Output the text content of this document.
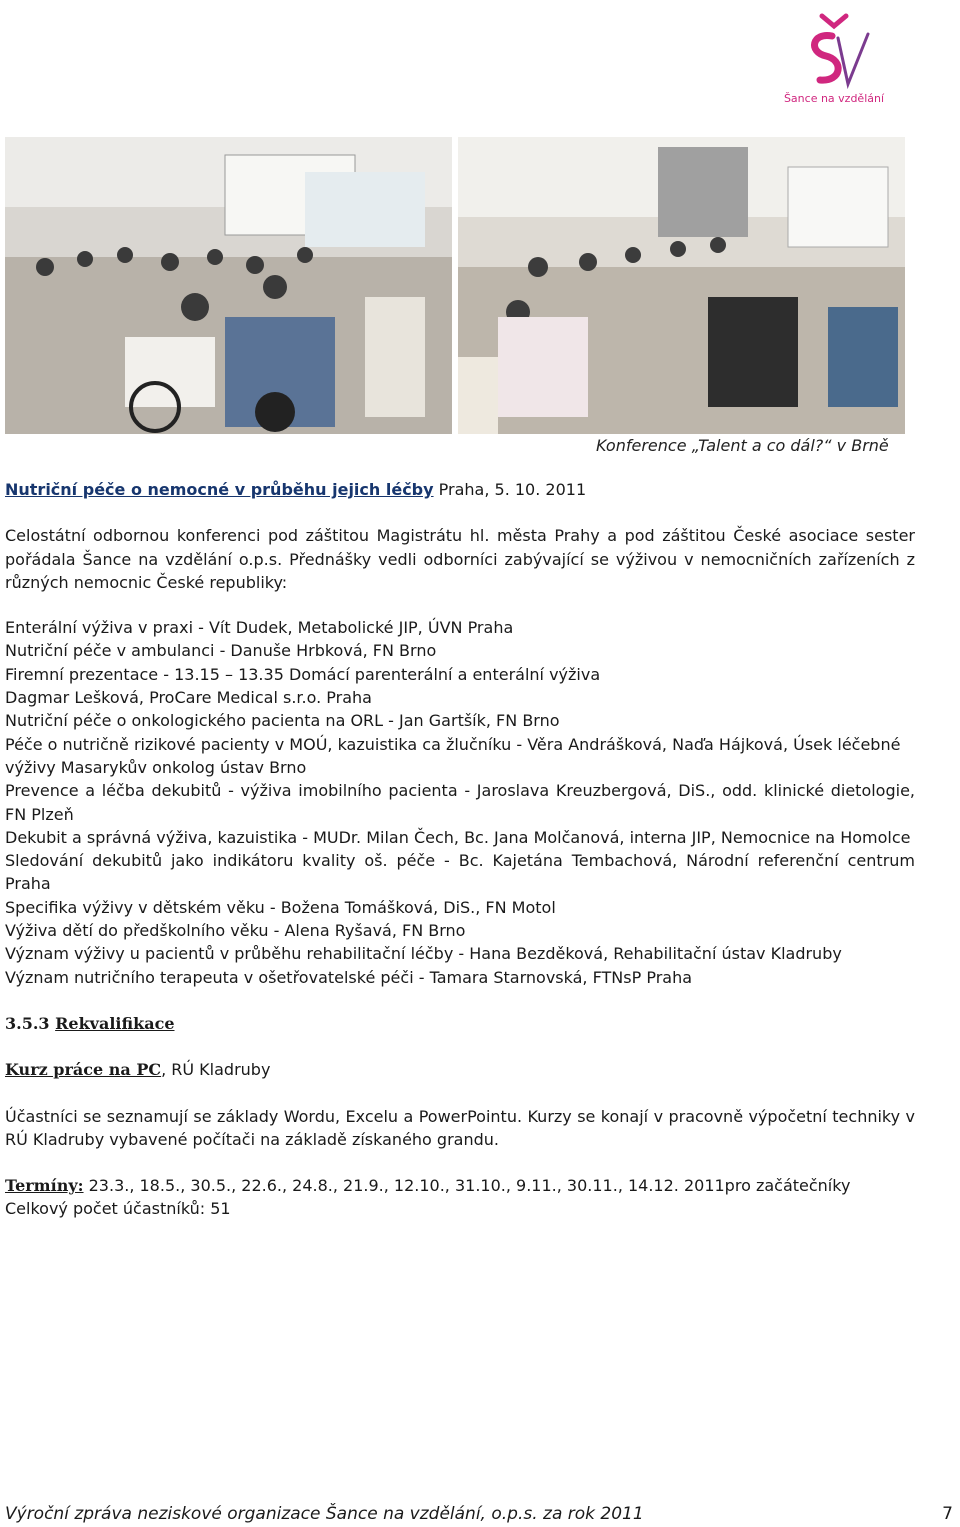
Šance na vzdělání
Konference „Talent a co dál?“ v Brně

Nutriční péče o nemocné v průběhu jejich léčby Praha, 5. 10. 2011

Celostátní odbornou konferenci pod záštitou Magistrátu hl. města Prahy a pod záštitou České asociace sester pořádala Šance na vzdělání o.p.s. Přednášky vedli odborníci zabývající se výživou v nemocničních zařízeních z různých nemocnic České republiky:

Enterální výživa v praxi - Vít Dudek, Metabolické JIP, ÚVN Praha

Nutriční péče v ambulanci - Danuše Hrbková, FN Brno

Firemní prezentace - 13.15 – 13.35 Domácí parenterální a enterální výživa

Dagmar Lešková, ProCare Medical s.r.o. Praha

Nutriční péče o onkologického pacienta na ORL - Jan Gartšík, FN Brno

Péče o nutričně rizikové pacienty v MOÚ, kazuistika ca žlučníku - Věra Andrášková, Naďa Hájková, Úsek léčebné výživy Masarykův onkolog ústav Brno

Prevence a léčba dekubitů - výživa imobilního pacienta - Jaroslava Kreuzbergová, DiS., odd. klinické dietologie, FN Plzeň

Dekubit a správná výživa, kazuistika - MUDr. Milan Čech, Bc. Jana Molčanová, interna JIP, Nemocnice na Homolce

Sledování dekubitů jako indikátoru kvality oš. péče - Bc. Kajetána Tembachová, Národní referenční centrum Praha

Specifika výživy v dětském věku - Božena Tomášková, DiS., FN Motol

Výživa dětí do předškolního věku - Alena Ryšavá, FN Brno

Význam výživy u pacientů v průběhu rehabilitační léčby - Hana Bezděková, Rehabilitační ústav Kladruby

Význam nutričního terapeuta v ošetřovatelské péči - Tamara Starnovská, FTNsP Praha

3.5.3 Rekvalifikace

Kurz práce na PC, RÚ Kladruby

Účastníci se seznamují se základy Wordu, Excelu a PowerPointu. Kurzy se konají v pracovně výpočetní techniky v RÚ Kladruby vybavené počítači na základě získaného grandu.

Termíny: 23.3., 18.5., 30.5., 22.6., 24.8., 21.9., 12.10., 31.10., 9.11., 30.11., 14.12. 2011pro začátečníky

Celkový počet účastníků: 51

Výroční zpráva neziskové organizace Šance na vzdělání, o.p.s. za rok 2011	7
